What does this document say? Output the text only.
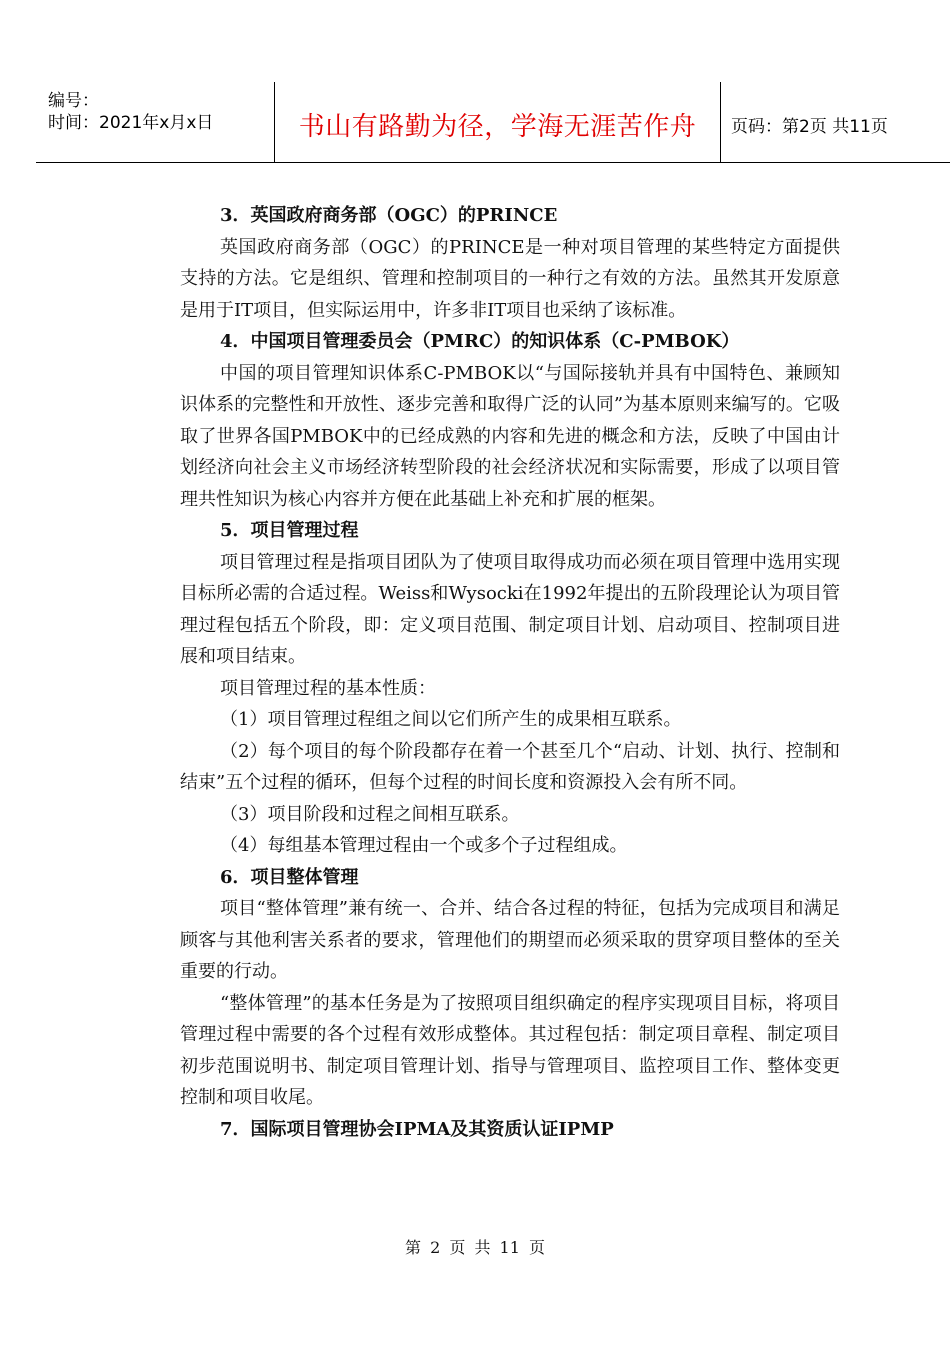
编号：
时间：2021年x月x日	书山有路勤为径，学海无涯苦作舟	页码：第2页 共11页

3．英国政府商务部（OGC）的PRINCE

英国政府商务部（OGC）的PRINCE是一种对项目管理的某些特定方面提供支持的方法。它是组织、管理和控制项目的一种行之有效的方法。虽然其开发原意是用于IT项目，但实际运用中，许多非IT项目也采纳了该标准。

4．中国项目管理委员会（PMRC）的知识体系（C-PMBOK）

中国的项目管理知识体系C-PMBOK以“与国际接轨并具有中国特色、兼顾知识体系的完整性和开放性、逐步完善和取得广泛的认同”为基本原则来编写的。它吸取了世界各国PMBOK中的已经成熟的内容和先进的概念和方法，反映了中国由计划经济向社会主义市场经济转型阶段的社会经济状况和实际需要，形成了以项目管理共性知识为核心内容并方便在此基础上补充和扩展的框架。

5．项目管理过程

项目管理过程是指项目团队为了使项目取得成功而必须在项目管理中选用实现目标所必需的合适过程。Weiss和Wysocki在1992年提出的五阶段理论认为项目管理过程包括五个阶段，即：定义项目范围、制定项目计划、启动项目、控制项目进展和项目结束。

项目管理过程的基本性质：

（1）项目管理过程组之间以它们所产生的成果相互联系。

（2）每个项目的每个阶段都存在着一个甚至几个“启动、计划、执行、控制和结束”五个过程的循环，但每个过程的时间长度和资源投入会有所不同。

（3）项目阶段和过程之间相互联系。

（4）每组基本管理过程由一个或多个子过程组成。

6．项目整体管理

项目“整体管理”兼有统一、合并、结合各过程的特征，包括为完成项目和满足顾客与其他利害关系者的要求，管理他们的期望而必须采取的贯穿项目整体的至关重要的行动。

“整体管理”的基本任务是为了按照项目组织确定的程序实现项目目标，将项目管理过程中需要的各个过程有效形成整体。其过程包括：制定项目章程、制定项目初步范围说明书、制定项目管理计划、指导与管理项目、监控项目工作、整体变更控制和项目收尾。

7．国际项目管理协会IPMA及其资质认证IPMP

第 2 页 共 11 页
